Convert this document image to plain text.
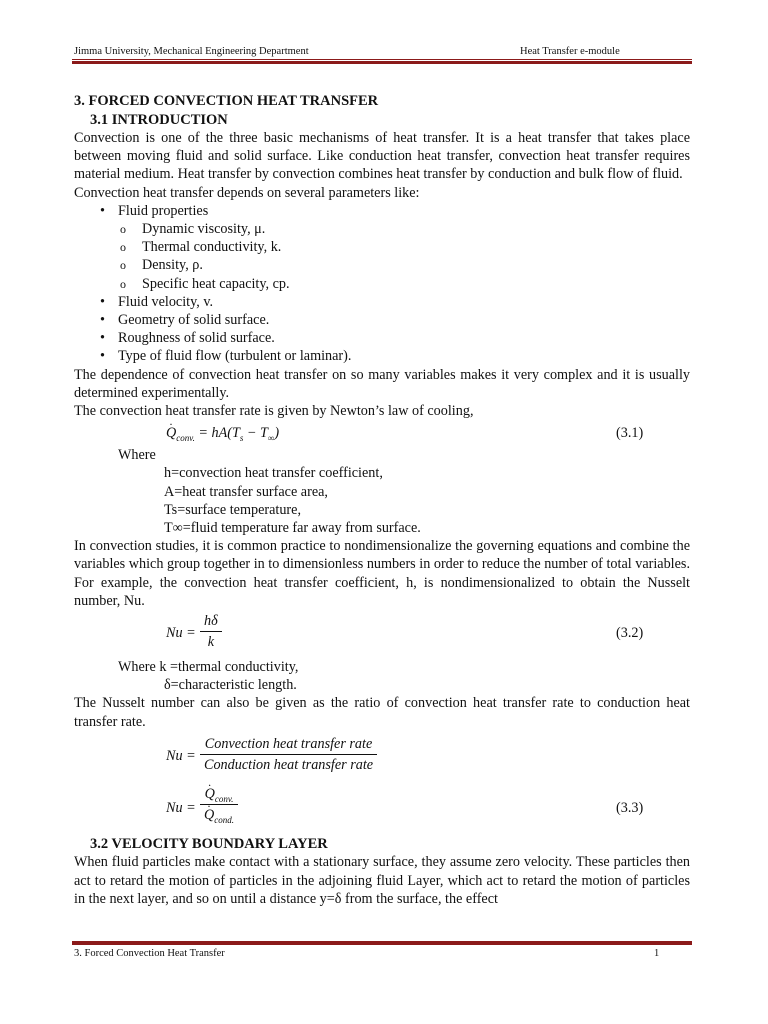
Jimma University, Mechanical Engineering Department	Heat Transfer e-module
3. FORCED CONVECTION HEAT TRANSFER
3.1 INTRODUCTION

Convection is one of the three basic mechanisms of heat transfer. It is a heat transfer that takes place between moving fluid and solid surface. Like conduction heat transfer, convection heat transfer requires material medium. Heat transfer by convection combines heat transfer by conduction and bulk flow of fluid.

Convection heat transfer depends on several parameters like:

• Fluid properties
o Dynamic viscosity, μ.
o Thermal conductivity, k.
o Density, ρ.
o Specific heat capacity, cp.
• Fluid velocity, v.
• Geometry of solid surface.
• Roughness of solid surface.
• Type of fluid flow (turbulent or laminar).

The dependence of convection heat transfer on so many variables makes it very complex and it is usually determined experimentally.

The convection heat transfer rate is given by Newton’s law of cooling,

$Q \cdot_{conv.} = hA(T_s - T_\infty)$	(3.1)

Where

h=convection heat transfer coefficient,

A=heat transfer surface area,

Ts=surface temperature,

T∞=fluid temperature far away from surface.

In convection studies, it is common practice to nondimensionalize the governing equations and combine the variables which group together in to dimensionless numbers in order to reduce the number of total variables. For example, the convection heat transfer coefficient, h, is nondimensionalized to obtain the Nusselt number, Nu.

$Nu = \frac{h\delta}{k}$	(3.2)

Where k =thermal conductivity,

δ=characteristic length.

The Nusselt number can also be given as the ratio of convection heat transfer rate to conduction heat transfer rate.

Nu =
Convection heat transfer rate
Conduction heat transfer rate
Nu =
$Q \cdot_{conv.}$
$Q \cdot_{cond.}$
(3.3)
3.2 VELOCITY BOUNDARY LAYER

When fluid particles make contact with a stationary surface, they assume zero velocity. These particles then act to retard the motion of particles in the adjoining fluid Layer, which act to retard the motion of particles in the next layer, and so on until a distance y=δ from the surface, the effect

3. Forced Convection Heat Transfer	1
